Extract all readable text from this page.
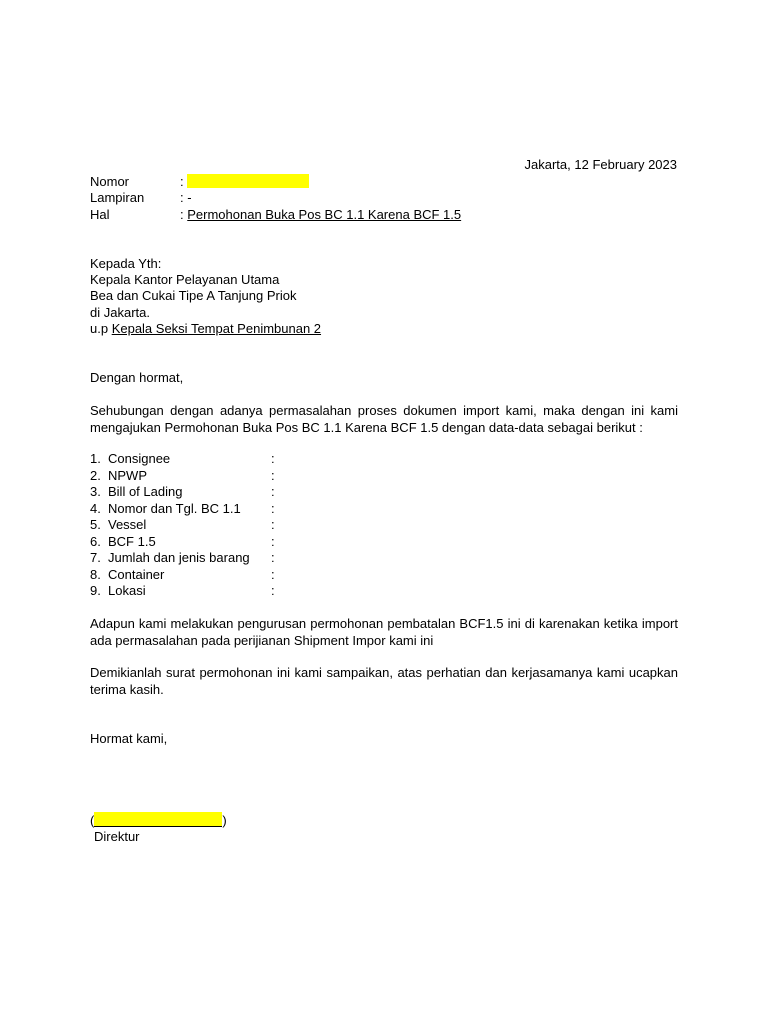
Jakarta, 12 February 2023
Nomor	:
Lampiran	: -
Hal	: Permohonan Buka Pos BC 1.1 Karena BCF 1.5
Kepada Yth:
Kepala Kantor Pelayanan Utama
Bea dan Cukai Tipe A Tanjung Priok
di Jakarta.
u.p Kepala Seksi Tempat Penimbunan 2
Dengan hormat,
Sehubungan dengan adanya permasalahan proses dokumen import kami, maka dengan ini kami mengajukan Permohonan Buka Pos BC 1.1 Karena BCF 1.5 dengan data-data sebagai berikut :
1. Consignee	:
2. NPWP	:
3. Bill of Lading	:
4. Nomor dan Tgl. BC 1.1 :
5. Vessel	:
6. BCF 1.5	:
7. Jumlah dan jenis barang :
8. Container	:
9. Lokasi	:
Adapun kami melakukan pengurusan permohonan pembatalan BCF1.5 ini di karenakan ketika import ada permasalahan pada perijianan Shipment Impor kami ini
Demikianlah surat permohonan ini kami sampaikan, atas perhatian dan kerjasamanya kami ucapkan terima kasih.
Hormat kami,
(	)
Direktur
